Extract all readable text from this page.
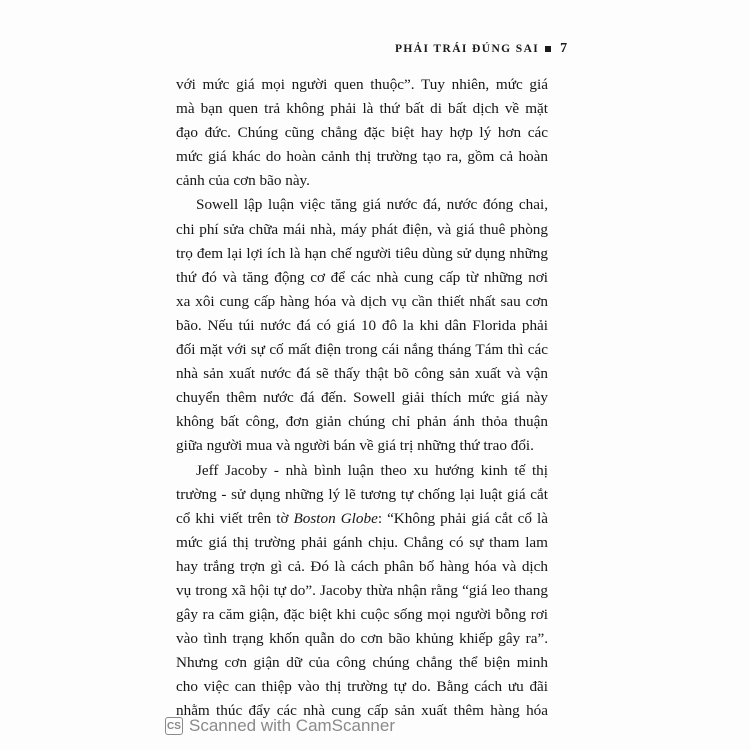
PHẢI TRÁI ĐÚNG SAI 7
với mức giá mọi người quen thuộc”. Tuy nhiên, mức giá
mà bạn quen trả không phải là thứ bất di bất dịch về mặt
đạo đức. Chúng cũng chẳng đặc biệt hay hợp lý hơn các
mức giá khác do hoàn cảnh thị trường tạo ra, gồm cả hoàn
cảnh của cơn bão này.
Sowell lập luận việc tăng giá nước đá, nước đóng chai,
chi phí sửa chữa mái nhà, máy phát điện, và giá thuê phòng
trọ đem lại lợi ích là hạn chế người tiêu dùng sử dụng những
thứ đó và tăng động cơ để các nhà cung cấp từ những nơi
xa xôi cung cấp hàng hóa và dịch vụ cần thiết nhất sau cơn
bão. Nếu túi nước đá có giá 10 đô la khi dân Florida phải
đối mặt với sự cố mất điện trong cái nắng tháng Tám thì các
nhà sản xuất nước đá sẽ thấy thật bõ công sản xuất và vận
chuyển thêm nước đá đến. Sowell giải thích mức giá này
không bất công, đơn giản chúng chỉ phản ánh thỏa thuận
giữa người mua và người bán về giá trị những thứ trao đổi.
Jeff Jacoby - nhà bình luận theo xu hướng kinh tế thị
trường - sử dụng những lý lẽ tương tự chống lại luật giá cắt
cổ khi viết trên tờ Boston Globe: “Không phải giá cắt cổ là
mức giá thị trường phải gánh chịu. Chẳng có sự tham lam
hay trắng trợn gì cả. Đó là cách phân bố hàng hóa và dịch
vụ trong xã hội tự do”. Jacoby thừa nhận rằng “giá leo thang
gây ra căm giận, đặc biệt khi cuộc sống mọi người bỗng rơi
vào tình trạng khốn quẫn do cơn bão khủng khiếp gây ra”.
Nhưng cơn giận dữ của công chúng chẳng thể biện minh
cho việc can thiệp vào thị trường tự do. Bằng cách ưu đãi
nhằm thúc đẩy các nhà cung cấp sản xuất thêm hàng hóa
CS Scanned with CamScanner
